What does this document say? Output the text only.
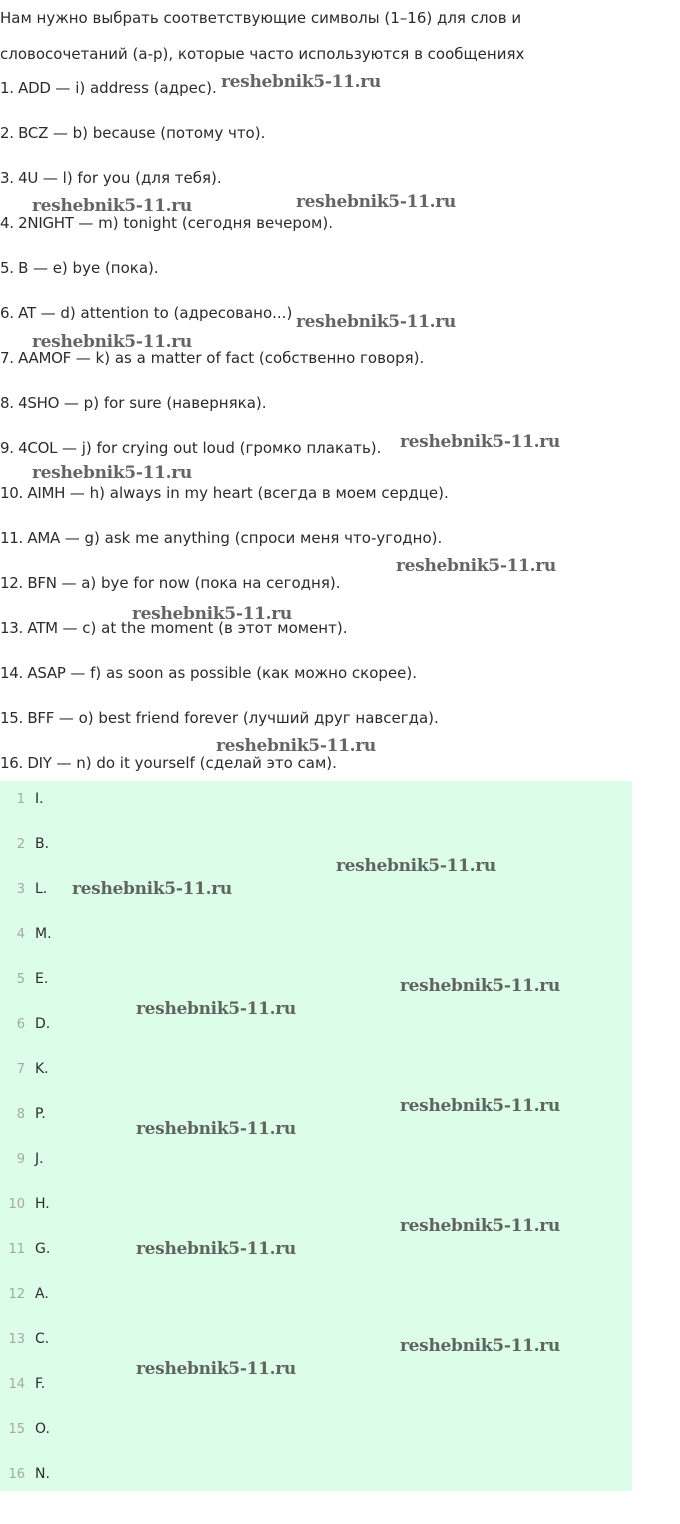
Нам нужно выбрать соответствующие символы (1–16) для слов и
словосочетаний (a-p), которые часто используются в сообщениях
1. ADD — i) address (адрес).
2. BCZ — b) because (потому что).
3. 4U — l) for you (для тебя).
4. 2NIGHT — m) tonight (сегодня вечером).
5. B — e) bye (пока).
6. AT — d) attention to (адресовано...)
7. AAMOF — k) as a matter of fact (собственно говоря).
8. 4SHO — p) for sure (наверняка).
9. 4COL — j) for crying out loud (громко плакать).
10. AIMH — h) always in my heart (всегда в моем сердце).
11. AMA — g) ask me anything (спроси меня что-угодно).
12. BFN — a) bye for now (пока на сегодня).
13. ATM — c) at the moment (в этот момент).
14. ASAP — f) as soon as possible (как можно скорее).
15. BFF — o) best friend forever (лучший друг навсегда).
16. DIY — n) do it yourself (сделай это сам).
1 I.
2 B.
3 L.
4 M.
5 E.
6 D.
7 K.
8 P.
9 J.
10 H.
11 G.
12 A.
13 C.
14 F.
15 O.
16 N.
reshebnik5-11.ru
reshebnik5-11.ru	reshebnik5-11.ru
reshebnik5-11.ru
reshebnik5-11.ru
reshebnik5-11.ru
reshebnik5-11.ru
reshebnik5-11.ru
reshebnik5-11.ru
reshebnik5-11.ru
reshebnik5-11.ru
reshebnik5-11.ru
reshebnik5-11.ru
reshebnik5-11.ru
reshebnik5-11.ru
reshebnik5-11.ru
reshebnik5-11.ru
reshebnik5-11.ru
reshebnik5-11.ru
reshebnik5-11.ru
